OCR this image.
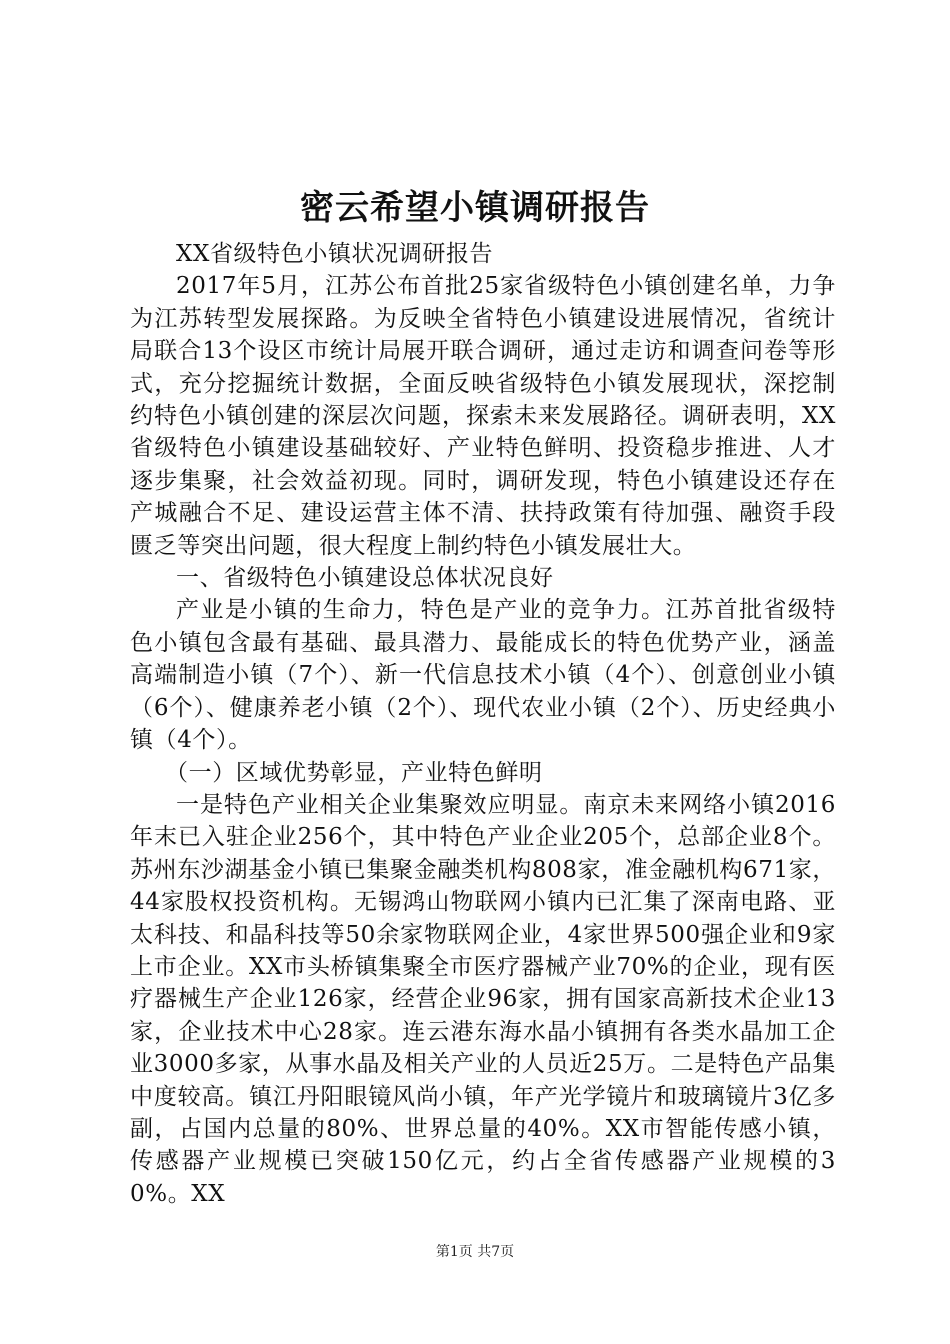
密云希望小镇调研报告

XX省级特色小镇状况调研报告

2017年5月，江苏公布首批25家省级特色小镇创建名单，力争为江苏转型发展探路。为反映全省特色小镇建设进展情况，省统计局联合13个设区市统计局展开联合调研，通过走访和调查问卷等形式，充分挖掘统计数据，全面反映省级特色小镇发展现状，深挖制约特色小镇创建的深层次问题，探索未来发展路径。调研表明，XX省级特色小镇建设基础较好、产业特色鲜明、投资稳步推进、人才逐步集聚，社会效益初现。同时，调研发现，特色小镇建设还存在产城融合不足、建设运营主体不清、扶持政策有待加强、融资手段匮乏等突出问题，很大程度上制约特色小镇发展壮大。

一、省级特色小镇建设总体状况良好

产业是小镇的生命力，特色是产业的竞争力。江苏首批省级特色小镇包含最有基础、最具潜力、最能成长的特色优势产业，涵盖高端制造小镇（7个）、新一代信息技术小镇（4个）、创意创业小镇（6个）、健康养老小镇（2个）、现代农业小镇（2个）、历史经典小镇（4个）。

（一）区域优势彰显，产业特色鲜明

一是特色产业相关企业集聚效应明显。南京未来网络小镇2016年末已入驻企业256个，其中特色产业企业205个，总部企业8个。苏州东沙湖基金小镇已集聚金融类机构808家，准金融机构671家，44家股权投资机构。无锡鸿山物联网小镇内已汇集了深南电路、亚太科技、和晶科技等50余家物联网企业，4家世界500强企业和9家上市企业。XX市头桥镇集聚全市医疗器械产业70%的企业，现有医疗器械生产企业126家，经营企业96家，拥有国家高新技术企业13家，企业技术中心28家。连云港东海水晶小镇拥有各类水晶加工企业3000多家，从事水晶及相关产业的人员近25万。二是特色产品集中度较高。镇江丹阳眼镜风尚小镇，年产光学镜片和玻璃镜片3亿多副，占国内总量的80%、世界总量的40%。XX市智能传感小镇，传感器产业规模已突破150亿元，约占全省传感器产业规模的30%。XX

第1页 共7页
